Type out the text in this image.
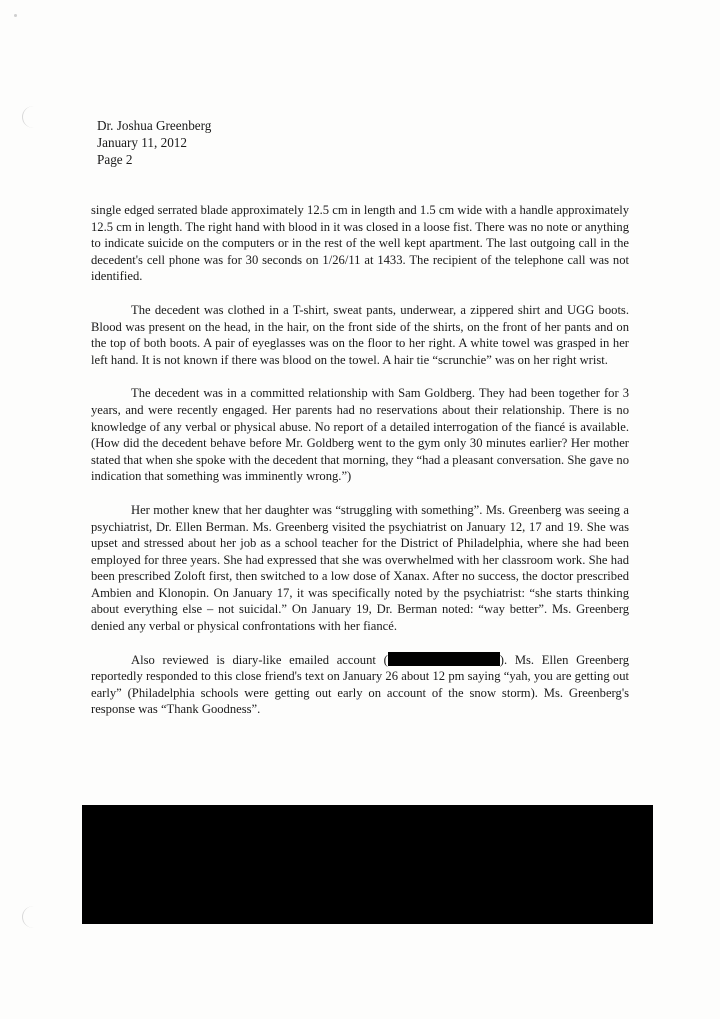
Dr. Joshua Greenberg
January 11, 2012
Page 2

single edged serrated blade approximately 12.5 cm in length and 1.5 cm wide with a handle approximately 12.5 cm in length. The right hand with blood in it was closed in a loose fist. There was no note or anything to indicate suicide on the computers or in the rest of the well kept apartment. The last outgoing call in the decedent's cell phone was for 30 seconds on 1/26/11 at 1433. The recipient of the telephone call was not identified.

The decedent was clothed in a T-shirt, sweat pants, underwear, a zippered shirt and UGG boots. Blood was present on the head, in the hair, on the front side of the shirts, on the front of her pants and on the top of both boots. A pair of eyeglasses was on the floor to her right. A white towel was grasped in her left hand. It is not known if there was blood on the towel. A hair tie “scrunchie” was on her right wrist.

The decedent was in a committed relationship with Sam Goldberg. They had been together for 3 years, and were recently engaged. Her parents had no reservations about their relationship. There is no knowledge of any verbal or physical abuse. No report of a detailed interrogation of the fiancé is available. (How did the decedent behave before Mr. Goldberg went to the gym only 30 minutes earlier? Her mother stated that when she spoke with the decedent that morning, they “had a pleasant conversation. She gave no indication that something was imminently wrong.”)

Her mother knew that her daughter was “struggling with something”. Ms. Greenberg was seeing a psychiatrist, Dr. Ellen Berman. Ms. Greenberg visited the psychiatrist on January 12, 17 and 19. She was upset and stressed about her job as a school teacher for the District of Philadelphia, where she had been employed for three years. She had expressed that she was overwhelmed with her classroom work. She had been prescribed Zoloft first, then switched to a low dose of Xanax. After no success, the doctor prescribed Ambien and Klonopin. On January 17, it was specifically noted by the psychiatrist: “she starts thinking about everything else – not suicidal.” On January 19, Dr. Berman noted: “way better”. Ms. Greenberg denied any verbal or physical confrontations with her fiancé.

Also reviewed is diary-like emailed account (	). Ms. Ellen Greenberg reportedly responded to this close friend's text on January 26 about 12 pm saying “yah, you are getting out early” (Philadelphia schools were getting out early on account of the snow storm). Ms. Greenberg's response was “Thank Goodness”.
